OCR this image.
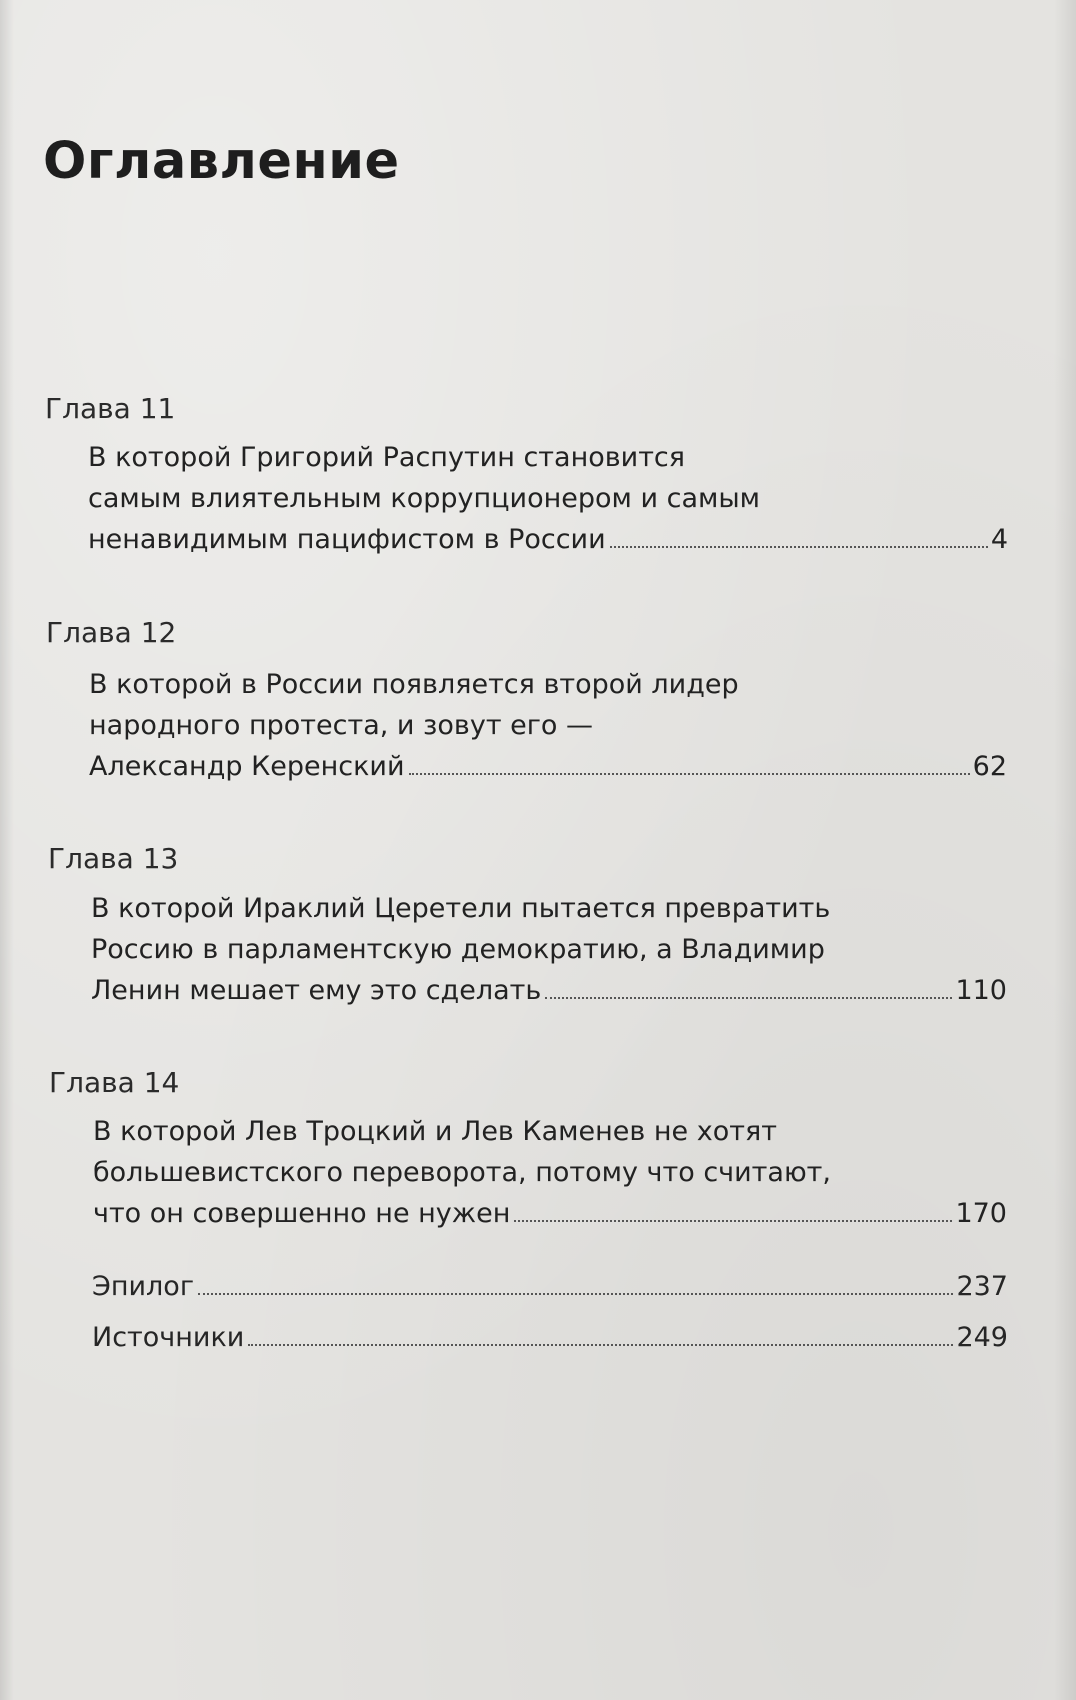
Оглавление
Глава 11
В которой Григорий Распутин становится
самым влиятельным коррупционером и самым
ненавидимым пацифистом в России	4
Глава 12
В которой в России появляется второй лидер
народного протеста, и зовут его —
Александр Керенский	62
Глава 13
В которой Ираклий Церетели пытается превратить
Россию в парламентскую демократию, а Владимир
Ленин мешает ему это сделать	110
Глава 14
В которой Лев Троцкий и Лев Каменев не хотят
большевистского переворота, потому что считают,
что он совершенно не нужен	170
Эпилог	237
Источники	249
